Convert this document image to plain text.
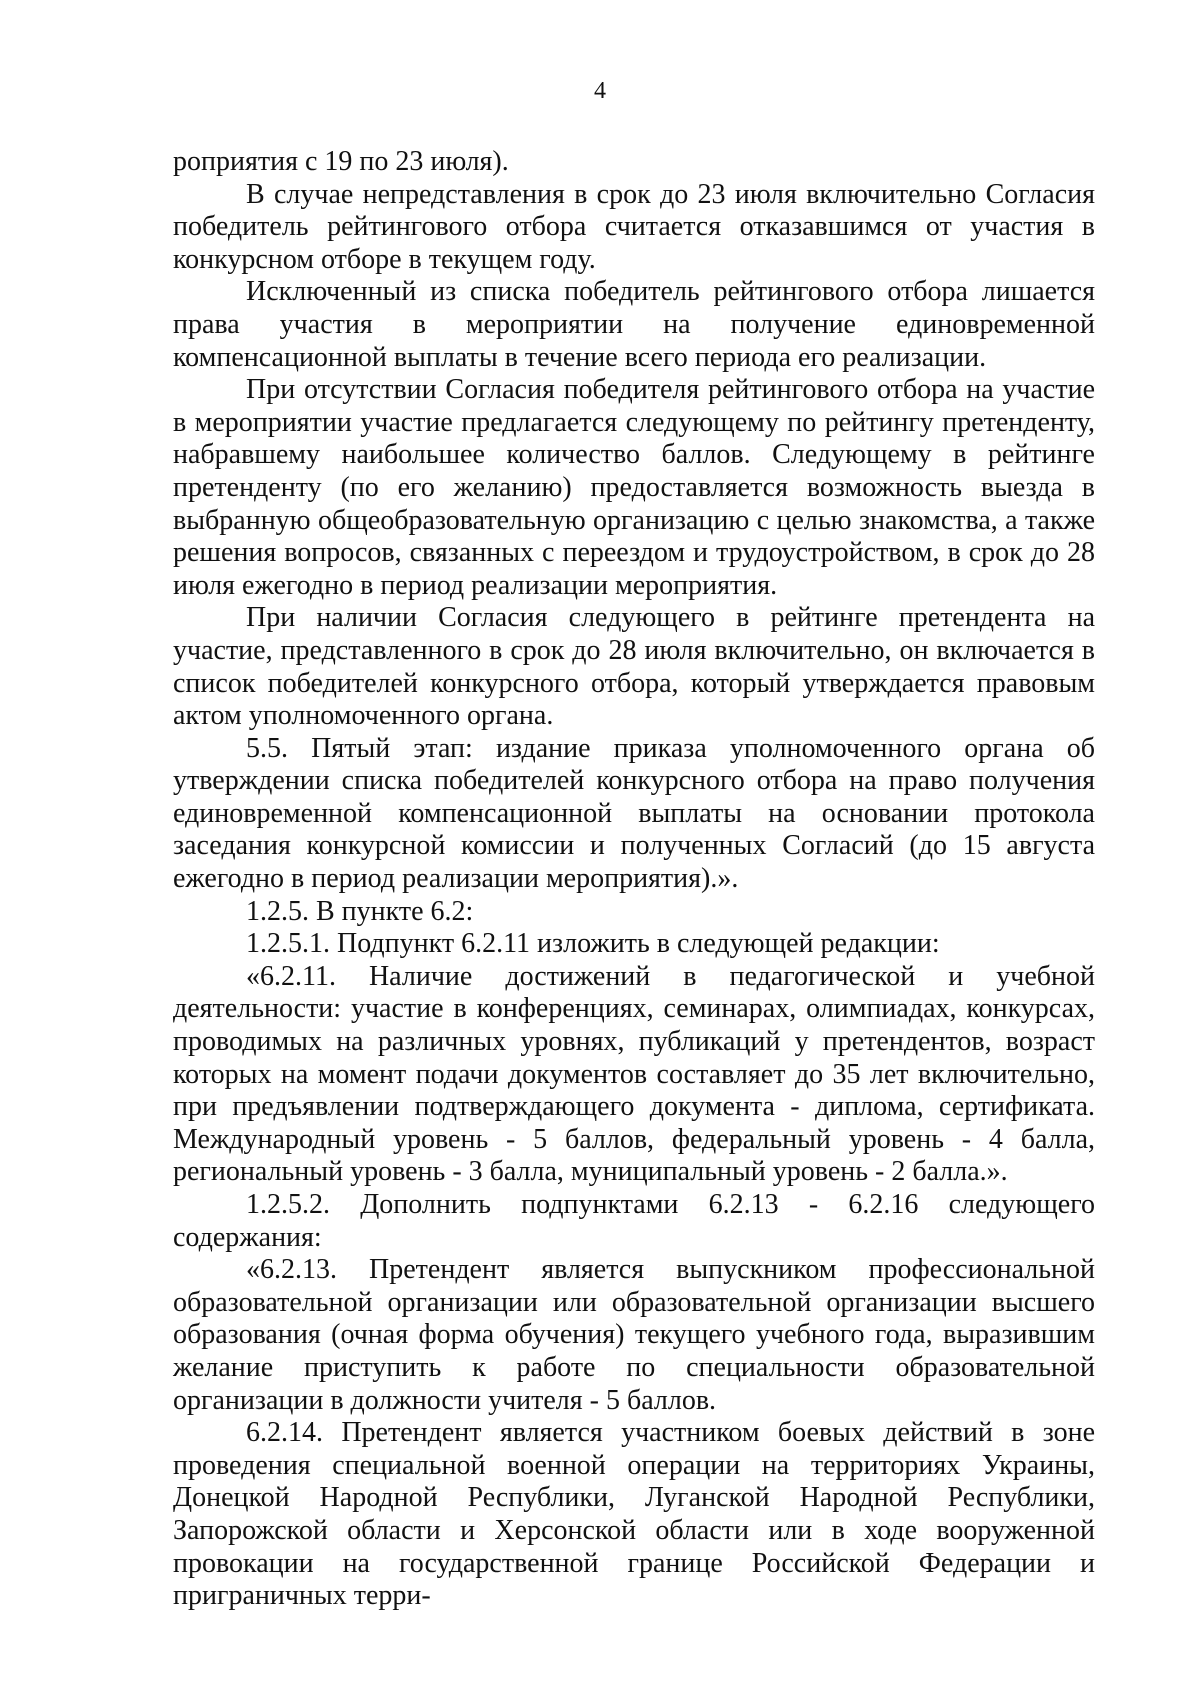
4

роприятия с 19 по 23 июля).

В случае непредставления в срок до 23 июля включительно Согласия победитель рейтингового отбора считается отказавшимся от участия в конкурсном отборе в текущем году.

Исключенный из списка победитель рейтингового отбора лишается права участия в мероприятии на получение единовременной компенсационной выплаты в течение всего периода его реализации.

При отсутствии Согласия победителя рейтингового отбора на участие в мероприятии участие предлагается следующему по рейтингу претенденту, набравшему наибольшее количество баллов. Следующему в рейтинге претенденту (по его желанию) предоставляется возможность выезда в выбранную общеобразовательную организацию с целью знакомства, а также решения вопросов, связанных с переездом и трудоустройством, в срок до 28 июля ежегодно в период реализации мероприятия.

При наличии Согласия следующего в рейтинге претендента на участие, представленного в срок до 28 июля включительно, он включается в список победителей конкурсного отбора, который утверждается правовым актом уполномоченного органа.

5.5. Пятый этап: издание приказа уполномоченного органа об утверждении списка победителей конкурсного отбора на право получения единовременной компенсационной выплаты на основании протокола заседания конкурсной комиссии и полученных Согласий (до 15 августа ежегодно в период реализации мероприятия).».

1.2.5. В пункте 6.2:

1.2.5.1. Подпункт 6.2.11 изложить в следующей редакции:

«6.2.11. Наличие достижений в педагогической и учебной деятельности: участие в конференциях, семинарах, олимпиадах, конкурсах, проводимых на различных уровнях, публикаций у претендентов, возраст которых на момент подачи документов составляет до 35 лет включительно, при предъявлении подтверждающего документа - диплома, сертификата. Международный уровень - 5 баллов, федеральный уровень - 4 балла, региональный уровень - 3 балла, муниципальный уровень - 2 балла.».

1.2.5.2. Дополнить подпунктами 6.2.13 - 6.2.16 следующего содержания:

«6.2.13. Претендент является выпускником профессиональной образовательной организации или образовательной организации высшего образования (очная форма обучения) текущего учебного года, выразившим желание приступить к работе по специальности образовательной организации в должности учителя - 5 баллов.

6.2.14. Претендент является участником боевых действий в зоне проведения специальной военной операции на территориях Украины, Донецкой Народной Республики, Луганской Народной Республики, Запорожской области и Херсонской области или в ходе вооруженной провокации на государственной границе Российской Федерации и приграничных терри-
